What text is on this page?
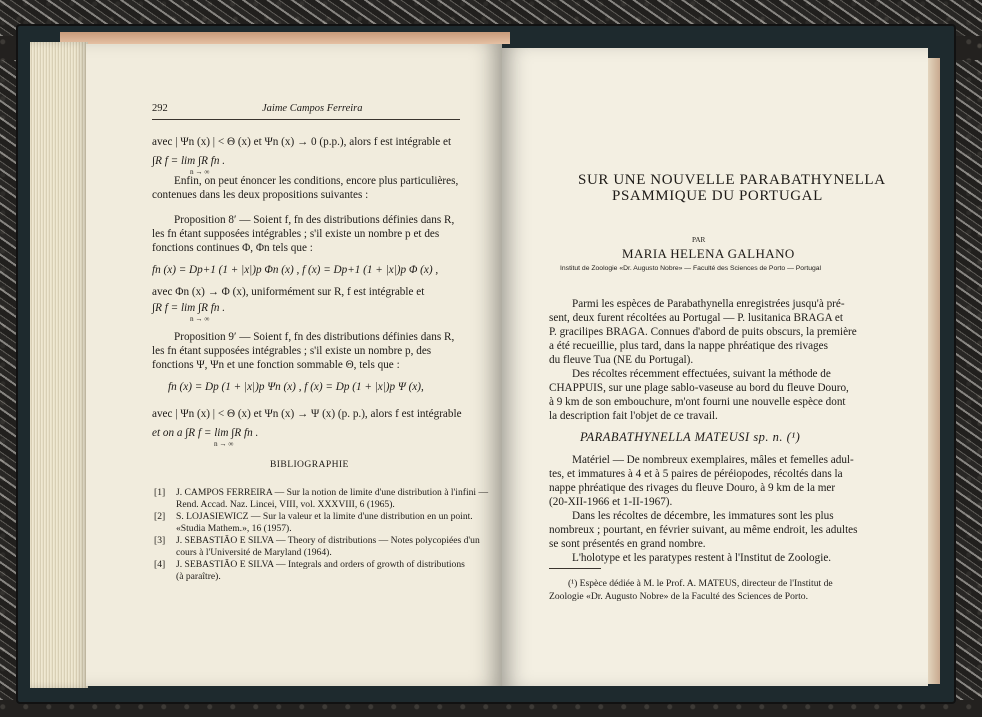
292	Jaime Campos Ferreira
avec | Ψn (x) | < Θ (x) et Ψn (x) → 0 (p.p.), alors f est intégrable et
∫R f = lim ∫R fn .
n → ∞
Enfin, on peut énoncer les conditions, encore plus particulières,
contenues dans les deux propositions suivantes :
Proposition 8′ — Soient f, fn des distributions définies dans R,
les fn étant supposées intégrables ; s'il existe un nombre p et des
fonctions continues Φ, Φn tels que :
fn (x) = Dp+1 (1 + |x|)p Φn (x) , f (x) = Dp+1 (1 + |x|)p Φ (x) ,
avec Φn (x) → Φ (x), uniformément sur R, f est intégrable et
∫R f = lim ∫R fn .
n → ∞
Proposition 9′ — Soient f, fn des distributions définies dans R,
les fn étant supposées intégrables ; s'il existe un nombre p, des
fonctions Ψ, Ψn et une fonction sommable Θ, tels que :
fn (x) = Dp (1 + |x|)p Ψn (x) , f (x) = Dp (1 + |x|)p Ψ (x),
avec | Ψn (x) | < Θ (x) et Ψn (x) → Ψ (x) (p. p.), alors f est intégrable
et on a ∫R f = lim ∫R fn .
n → ∞
BIBLIOGRAPHIE
[1] J. CAMPOS FERREIRA — Sur la notion de limite d'une distribution à l'infini —
Rend. Accad. Naz. Lincei, VIII, vol. XXXVIII, 6 (1965).
[2] S. LOJASIEWICZ — Sur la valeur et la limite d'une distribution en un point.
«Studia Mathem.», 16 (1957).
[3] J. SEBASTIÃO E SILVA — Theory of distributions — Notes polycopiées d'un
cours à l'Université de Maryland (1964).
[4] J. SEBASTIÃO E SILVA — Integrals and orders of growth of distributions
(à paraître).
SUR UNE NOUVELLE PARABATHYNELLA
PSAMMIQUE DU PORTUGAL
PAR
MARIA HELENA GALHANO
Institut de Zoologie «Dr. Augusto Nobre» — Faculté des Sciences de Porto — Portugal
Parmi les espèces de Parabathynella enregistrées jusqu'à pré-
sent, deux furent récoltées au Portugal — P. lusitanica BRAGA et
P. gracilipes BRAGA. Connues d'abord de puits obscurs, la première
a été recueillie, plus tard, dans la nappe phréatique des rivages
du fleuve Tua (NE du Portugal).
Des récoltes récemment effectuées, suivant la méthode de
CHAPPUIS, sur une plage sablo-vaseuse au bord du fleuve Douro,
à 9 km de son embouchure, m'ont fourni une nouvelle espèce dont
la description fait l'objet de ce travail.
PARABATHYNELLA MATEUSI sp. n. (¹)
Matériel — De nombreux exemplaires, mâles et femelles adul-
tes, et immatures à 4 et à 5 paires de péréiopodes, récoltés dans la
nappe phréatique des rivages du fleuve Douro, à 9 km de la mer
(20-XII-1966 et 1-II-1967).
Dans les récoltes de décembre, les immatures sont les plus
nombreux ; pourtant, en février suivant, au même endroit, les adultes
se sont présentés en grand nombre.
L'holotype et les paratypes restent à l'Institut de Zoologie.
(¹) Espèce dédiée à M. le Prof. A. MATEUS, directeur de l'Institut de
Zoologie «Dr. Augusto Nobre» de la Faculté des Sciences de Porto.
